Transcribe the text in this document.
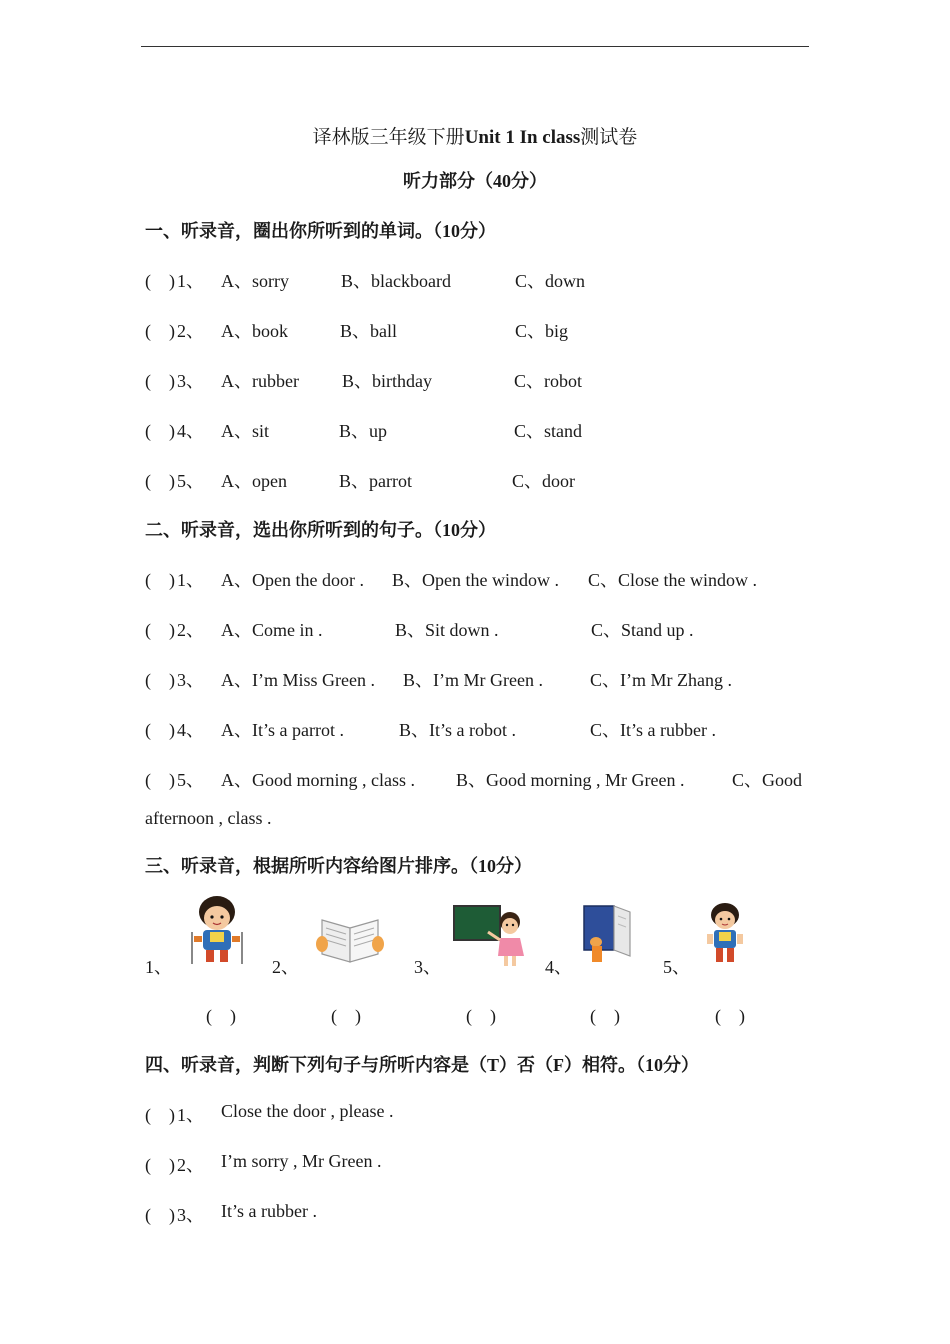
译林版三年级下册Unit 1 In class测试卷
听力部分（40分）
一、听录音，圈出你所听到的单词。（10分）
(　) 1、 A、sorry	B、blackboard	C、down
(　) 2、 A、book	B、ball	C、big
(　) 3、 A、rubber B、birthday	C、robot
(　) 4、 A、sit	B、up	C、stand
(　) 5、 A、open	B、parrot	C、door
二、听录音，选出你所听到的句子。（10分）
(　) 1、 A、Open the door . B、Open the window . C、Close the window .
(　) 2、 A、Come in .	B、Sit down .	C、Stand up .
(　) 3、 A、I’m Miss Green . B、I’m Mr Green .	C、I’m Mr Zhang .
(　) 4、 A、It’s a parrot .	B、It’s a robot .	C、It’s a rubber .
(　) 5、 A、Good morning , class . B、Good morning , Mr Green .	C、Good
afternoon , class .
三、听录音，根据所听内容给图片排序。（10分）
1、	2、	3、	4、	5、
(　)	(　)	(　)	(　)	(　)
四、听录音，判断下列句子与所听内容是（T）否（F）相符。（10分）
(　) 1、 Close the door , please .
(　) 2、 I’m sorry , Mr Green .
(　) 3、 It’s a rubber .
